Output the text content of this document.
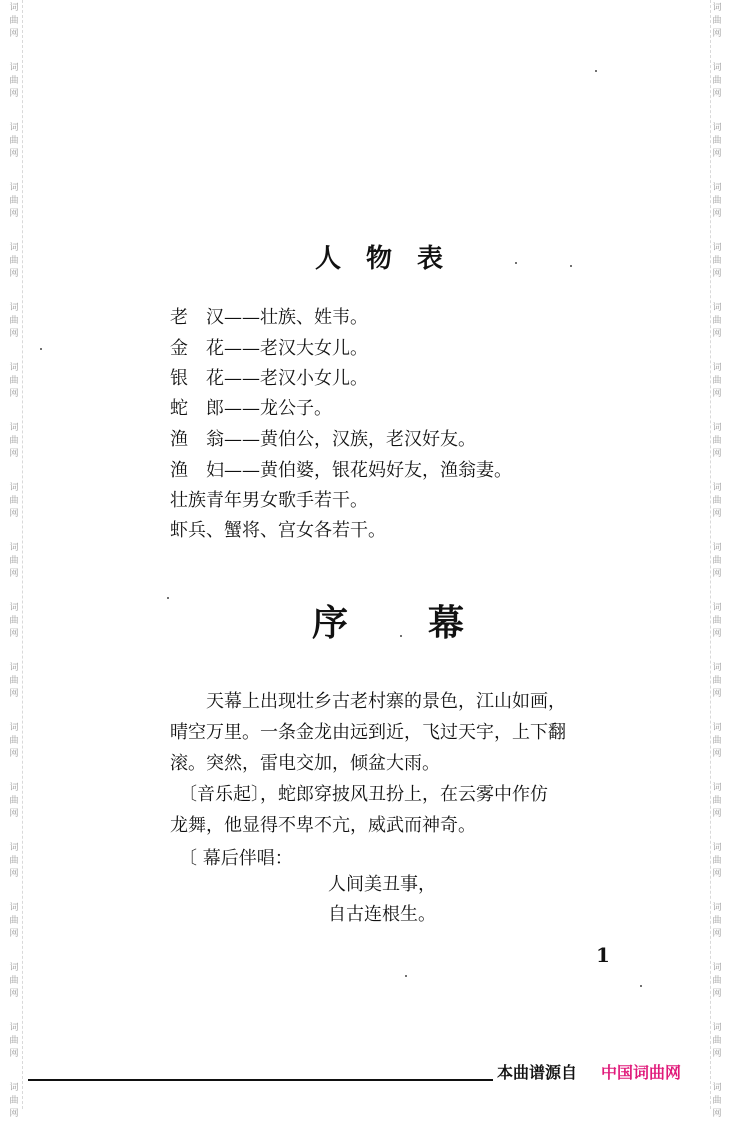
词
曲
网
词
曲
网
词
曲
网
词
曲
网
词
曲
网
词
曲
网
词
曲
网
词
曲
网
词
曲
网
词
曲
网
词
曲
网
词
曲
网
词
曲
网
词
曲
网
词
曲
网
词
曲
网
词
曲
网
词
曲
网
词
曲
网
词
曲
网
词
曲
网
词
曲
网
词
曲
网
词
曲
网
词
曲
网
词
曲
网
词
曲
网
词
曲
网
词
曲
网
词
曲
网
词
曲
网
词
曲
网
词
曲
网
词
曲
网
词
曲
网
词
曲
网
词
曲
网
词
曲
网
人 物 表
老　汉——壮族、姓韦。
金　花——老汉大女儿。
银　花——老汉小女儿。
蛇　郎——龙公子。
渔　翁——黄伯公，汉族，老汉好友。
渔　妇——黄伯婆，银花妈好友，渔翁妻。
壮族青年男女歌手若干。
虾兵、蟹将、宫女各若干。
序 幕
　　天幕上出现壮乡古老村寨的景色，江山如画，
晴空万里。一条金龙由远到近，飞过天宇，上下翻
滚。突然，雷电交加，倾盆大雨。
　〔音乐起〕，蛇郎穿披风丑扮上，在云雾中作仿
龙舞，他显得不卑不亢，威武而神奇。
　〔 幕后伴唱：
人间美丑事，
自古连根生。
1
本曲谱源自 中国词曲网
